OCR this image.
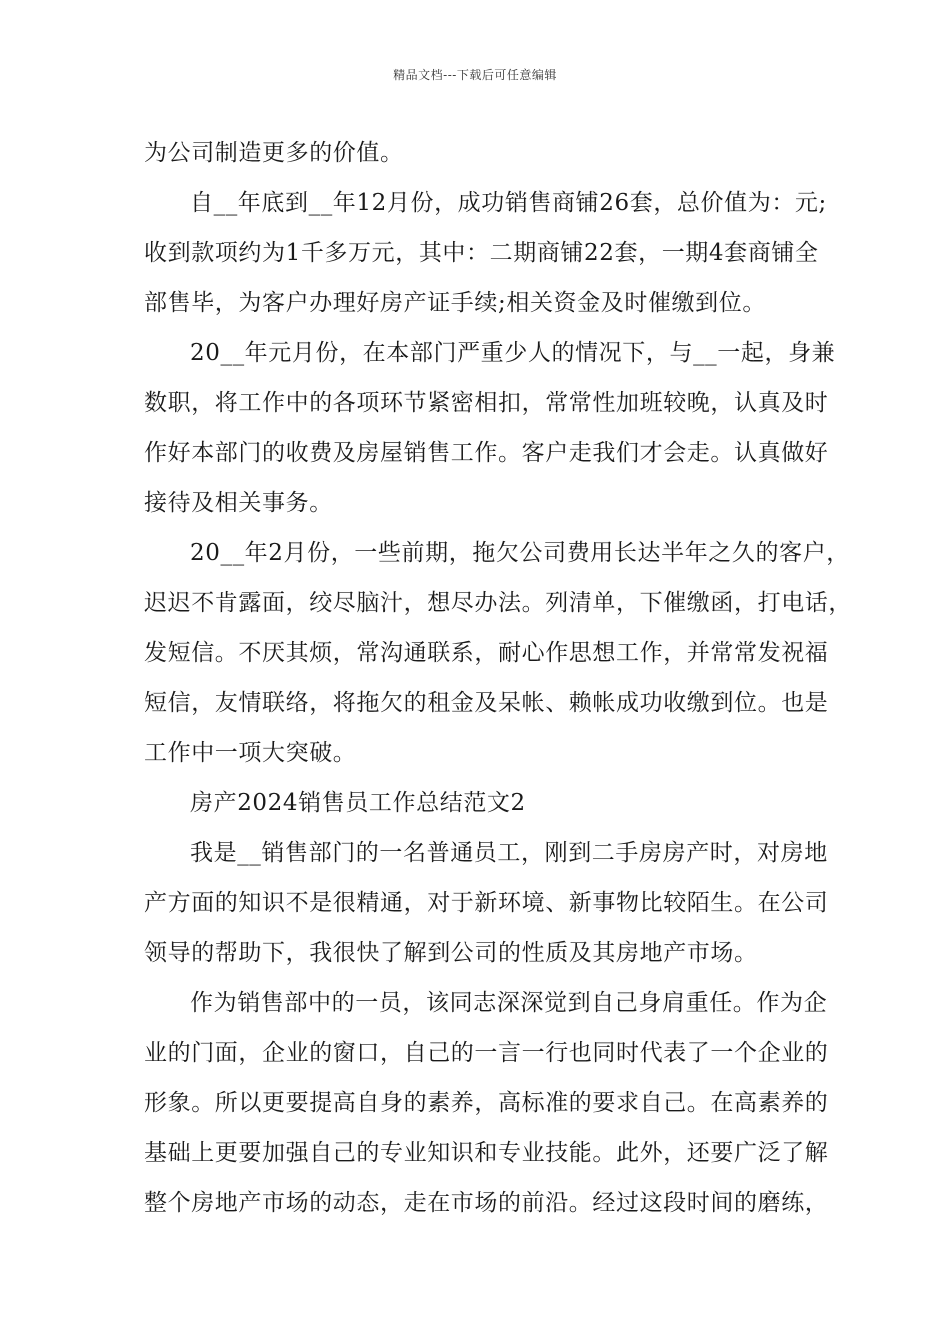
精品文档---下载后可任意编辑
为公司制造更多的价值。
自__年底到__年12月份，成功销售商铺26套，总价值为：元;
收到款项约为1千多万元，其中：二期商铺22套，一期4套商铺全
部售毕，为客户办理好房产证手续;相关资金及时催缴到位。
20__年元月份，在本部门严重少人的情况下，与__一起，身兼
数职，将工作中的各项环节紧密相扣，常常性加班较晚，认真及时
作好本部门的收费及房屋销售工作。客户走我们才会走。认真做好
接待及相关事务。
20__年2月份，一些前期，拖欠公司费用长达半年之久的客户，
迟迟不肯露面，绞尽脑汁，想尽办法。列清单，下催缴函，打电话，
发短信。不厌其烦，常沟通联系，耐心作思想工作，并常常发祝福
短信，友情联络，将拖欠的租金及呆帐、赖帐成功收缴到位。也是
工作中一项大突破。
房产2024销售员工作总结范文2
我是__销售部门的一名普通员工，刚到二手房房产时，对房地
产方面的知识不是很精通，对于新环境、新事物比较陌生。在公司
领导的帮助下，我很快了解到公司的性质及其房地产市场。
作为销售部中的一员，该同志深深觉到自己身肩重任。作为企
业的门面，企业的窗口，自己的一言一行也同时代表了一个企业的
形象。所以更要提高自身的素养，高标准的要求自己。在高素养的
基础上更要加强自己的专业知识和专业技能。此外，还要广泛了解
整个房地产市场的动态，走在市场的前沿。经过这段时间的磨练，
